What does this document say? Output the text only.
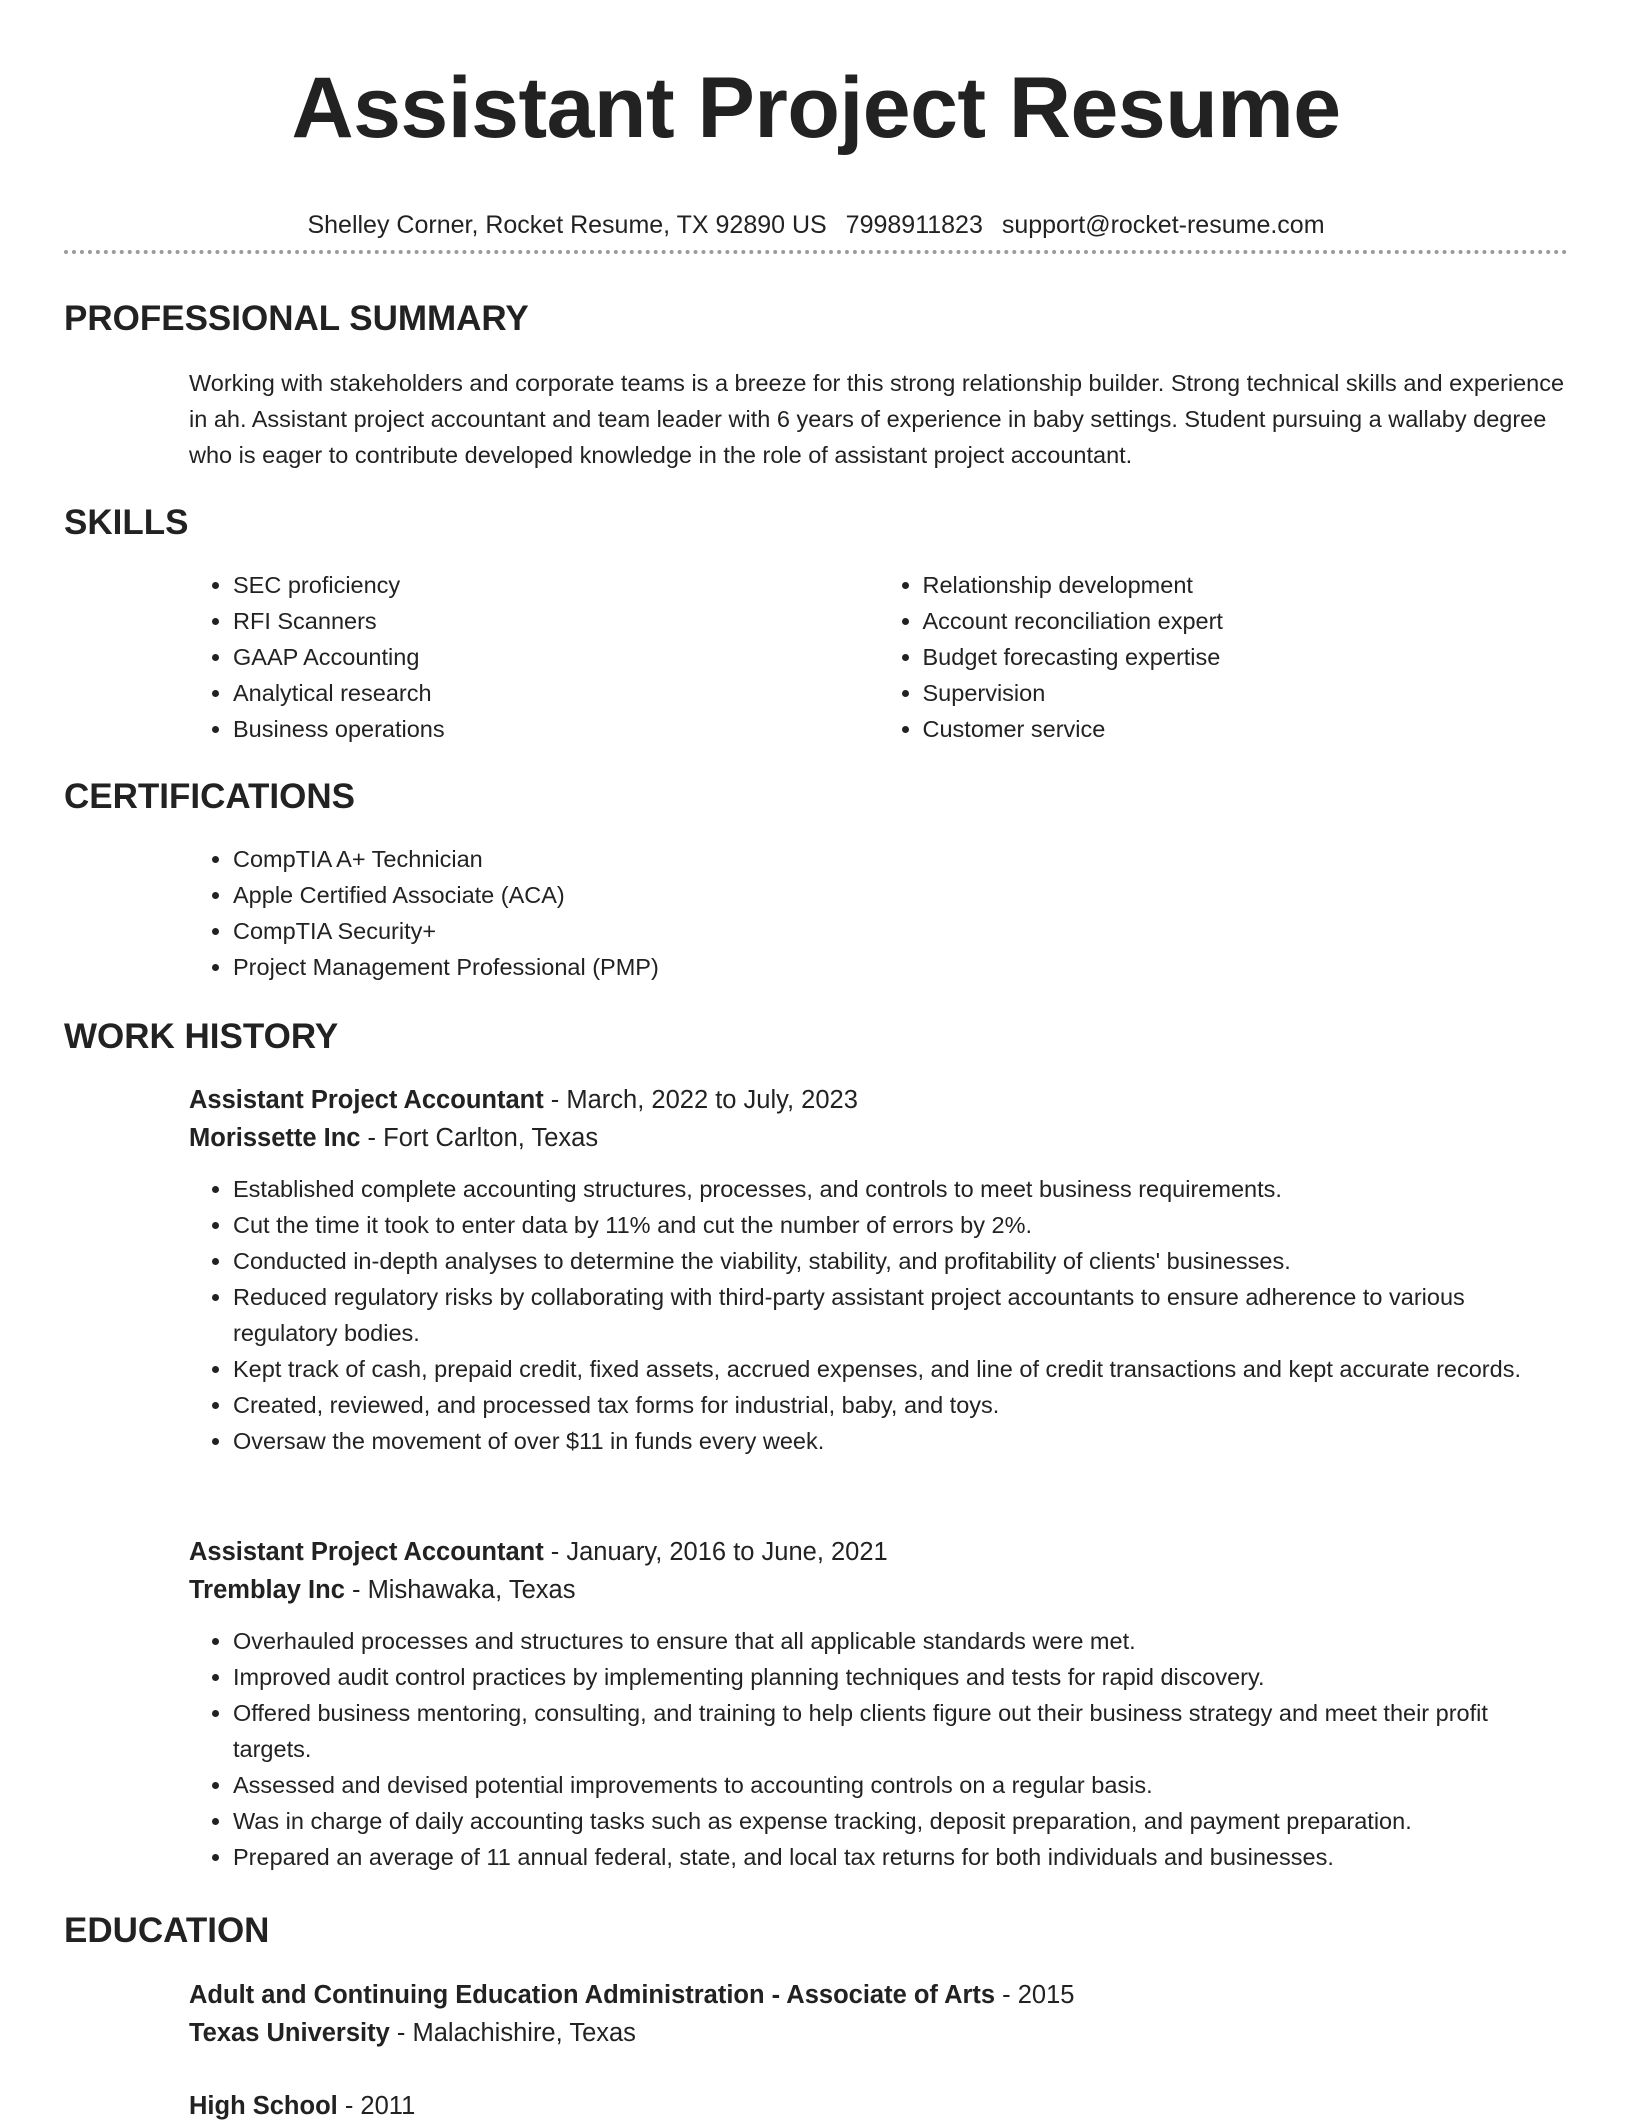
Assistant Project Resume
Shelley Corner, Rocket Resume, TX 92890 US 7998911823 support@rocket-resume.com
PROFESSIONAL SUMMARY

Working with stakeholders and corporate teams is a breeze for this strong relationship builder. Strong technical skills and experience in ah. Assistant project accountant and team leader with 6 years of experience in baby settings. Student pursuing a wallaby degree who is eager to contribute developed knowledge in the role of assistant project accountant.

SKILLS
• SEC proficiency
• RFI Scanners
• GAAP Accounting
• Analytical research
• Business operations
• Relationship development
• Account reconciliation expert
• Budget forecasting expertise
• Supervision
• Customer service
CERTIFICATIONS
• CompTIA A+ Technician
• Apple Certified Associate (ACA)
• CompTIA Security+
• Project Management Professional (PMP)
WORK HISTORY
Assistant Project Accountant - March, 2022 to July, 2023
Morissette Inc - Fort Carlton, Texas
• Established complete accounting structures, processes, and controls to meet business requirements.
• Cut the time it took to enter data by 11% and cut the number of errors by 2%.
• Conducted in-depth analyses to determine the viability, stability, and profitability of clients' businesses.
• Reduced regulatory risks by collaborating with third-party assistant project accountants to ensure adherence to various regulatory bodies.
• Kept track of cash, prepaid credit, fixed assets, accrued expenses, and line of credit transactions and kept accurate records.
• Created, reviewed, and processed tax forms for industrial, baby, and toys.
• Oversaw the movement of over $11 in funds every week.
Assistant Project Accountant - January, 2016 to June, 2021
Tremblay Inc - Mishawaka, Texas
• Overhauled processes and structures to ensure that all applicable standards were met.
• Improved audit control practices by implementing planning techniques and tests for rapid discovery.
• Offered business mentoring, consulting, and training to help clients figure out their business strategy and meet their profit targets.
• Assessed and devised potential improvements to accounting controls on a regular basis.
• Was in charge of daily accounting tasks such as expense tracking, deposit preparation, and payment preparation.
• Prepared an average of 11 annual federal, state, and local tax returns for both individuals and businesses.
EDUCATION
Adult and Continuing Education Administration - Associate of Arts - 2015
Texas University - Malachishire, Texas
High School - 2011
